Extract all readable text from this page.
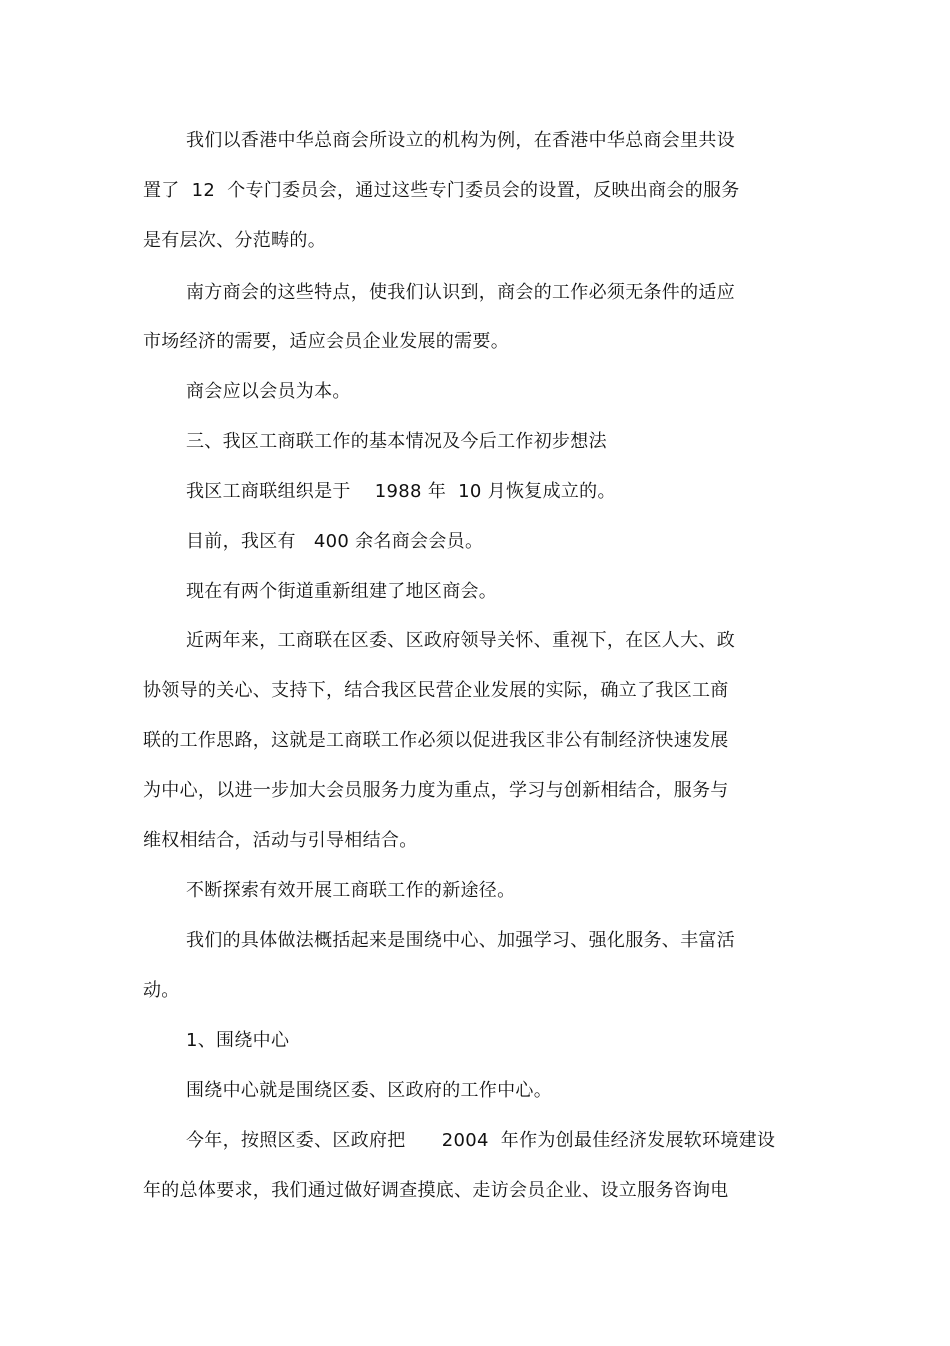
我们以香港中华总商会所设立的机构为例，在香港中华总商会里共设
置了  12  个专门委员会，通过这些专门委员会的设置，反映出商会的服务
是有层次、分范畴的。
南方商会的这些特点，使我们认识到，商会的工作必须无条件的适应
市场经济的需要，适应会员企业发展的需要。
商会应以会员为本。
三、我区工商联工作的基本情况及今后工作初步想法
我区工商联组织是于    1988 年  10 月恢复成立的。
目前，我区有   400 余名商会会员。
现在有两个街道重新组建了地区商会。
近两年来，工商联在区委、区政府领导关怀、重视下，在区人大、政
协领导的关心、支持下，结合我区民营企业发展的实际，确立了我区工商
联的工作思路，这就是工商联工作必须以促进我区非公有制经济快速发展
为中心，以进一步加大会员服务力度为重点，学习与创新相结合，服务与
维权相结合，活动与引导相结合。
不断探索有效开展工商联工作的新途径。
我们的具体做法概括起来是围绕中心、加强学习、强化服务、丰富活
动。
1、围绕中心
围绕中心就是围绕区委、区政府的工作中心。
今年，按照区委、区政府把      2004  年作为创最佳经济发展软环境建设
年的总体要求，我们通过做好调查摸底、走访会员企业、设立服务咨询电
